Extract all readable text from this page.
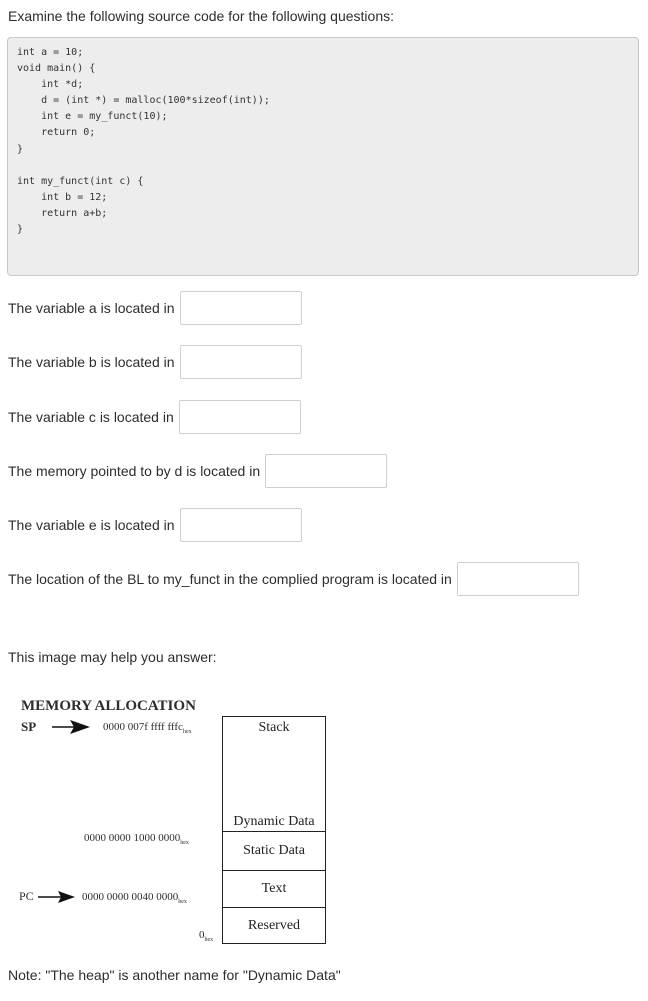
Examine the following source code for the following questions:
int a = 10;
void main() {
int *d;
d = (int *) = malloc(100*sizeof(int));
int e = my_funct(10);
return 0;
}

int my_funct(int c) {
int b = 12;
return a+b;
}
The variable a is located in
The variable b is located in
The variable c is located in
The memory pointed to by d is located in
The variable e is located in
The location of the BL to my_funct in the complied program is located in
This image may help you answer:
MEMORY ALLOCATION
SP	0000 007f ffff fffc$_{hex}$
0000 0000 1000 $0000_{hex}$
0000 0000 0040 $0000_{hex}$
$0_{hex}$
PC
Stack
Dynamic Data
Static Data
Text
Reserved
Note: "The heap" is another name for "Dynamic Data"
